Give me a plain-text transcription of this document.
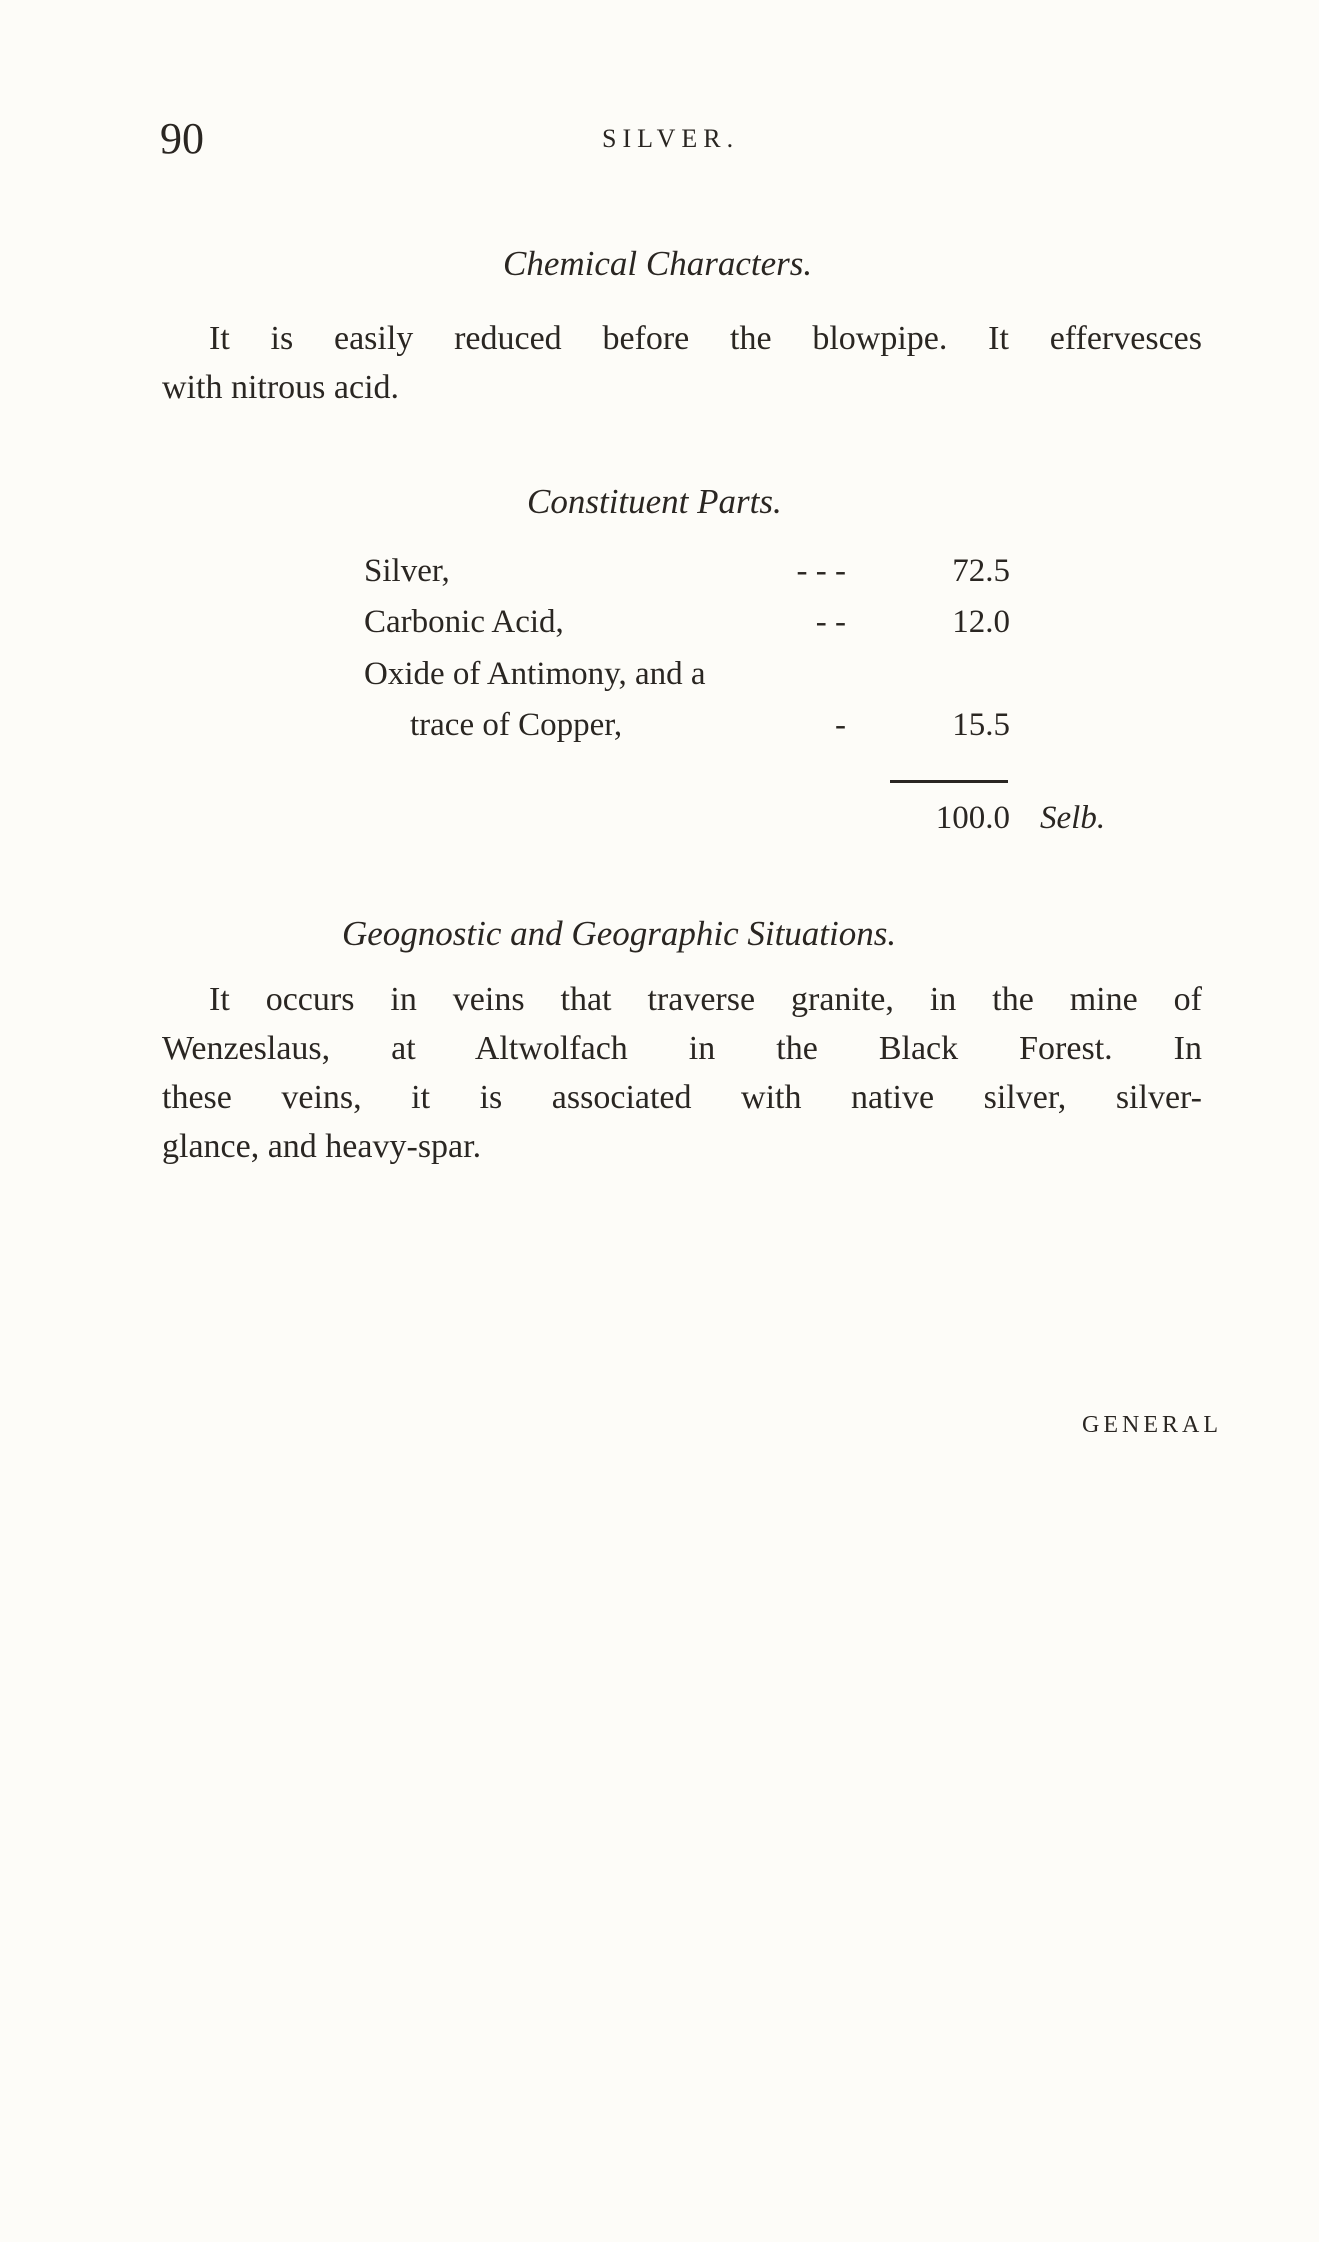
90	SILVER.
Chemical Characters.
It is easily reduced before the blowpipe. It effervesces
with nitrous acid.
Constituent Parts.
Silver,	- - -	72.5
Carbonic Acid,	- -	12.0
Oxide of Antimony, and a
trace of Copper,	-	15.5
100.0 Selb.
Geognostic and Geographic Situations.
It occurs in veins that traverse granite, in the mine of
Wenzeslaus, at Altwolfach in the Black Forest. In
these veins, it is associated with native silver, silver-
glance, and heavy-spar.
GENERAL
